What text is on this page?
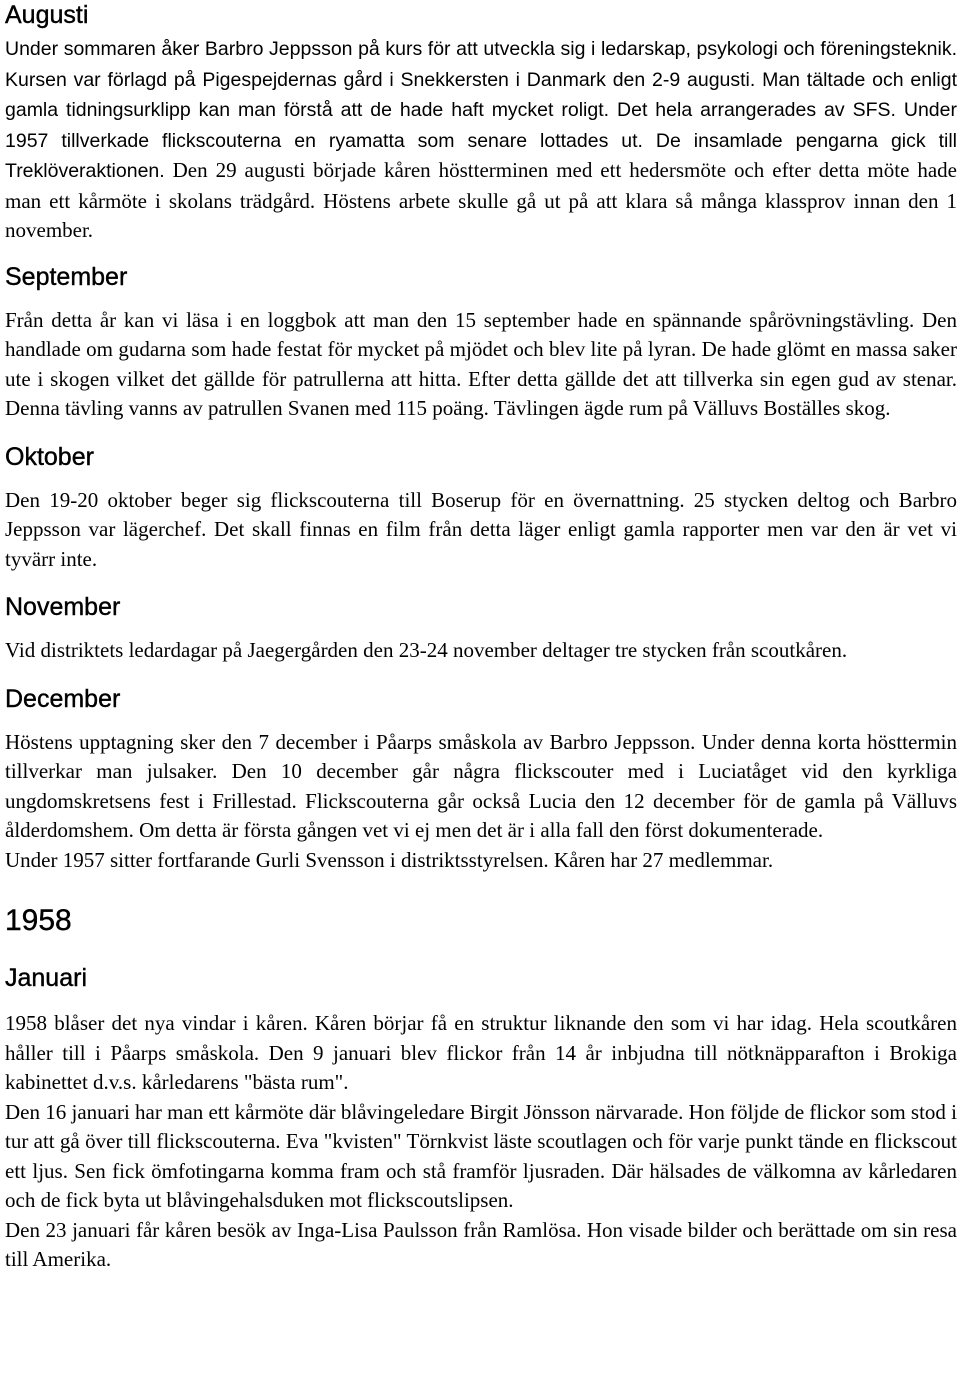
Augusti

Under sommaren åker Barbro Jeppsson på kurs för att utveckla sig i ledarskap, psykologi och föreningsteknik. Kursen var förlagd på Pigespejdernas gård i Snekkersten i Danmark den 2-9 augusti. Man tältade och enligt gamla tidningsurklipp kan man förstå att de hade haft mycket roligt. Det hela arrangerades av SFS. Under 1957 tillverkade flickscouterna en ryamatta som senare lottades ut. De insamlade pengarna gick till Treklöveraktionen. Den 29 augusti började kåren höstterminen med ett hedersmöte och efter detta möte hade man ett kårmöte i skolans trädgård. Höstens arbete skulle gå ut på att klara så många klassprov innan den 1 november.

September

Från detta år kan vi läsa i en loggbok att man den 15 september hade en spännande spårövningstävling. Den handlade om gudarna som hade festat för mycket på mjödet och blev lite på lyran. De hade glömt en massa saker ute i skogen vilket det gällde för patrullerna att hitta. Efter detta gällde det att tillverka sin egen gud av stenar. Denna tävling vanns av patrullen Svanen med 115 poäng. Tävlingen ägde rum på Välluvs Boställes skog.

Oktober

Den 19-20 oktober beger sig flickscouterna till Boserup för en övernattning. 25 stycken deltog och Barbro Jeppsson var lägerchef. Det skall finnas en film från detta läger enligt gamla rapporter men var den är vet vi tyvärr inte.

November

Vid distriktets ledardagar på Jaegergården den 23-24 november deltager tre stycken från scoutkåren.

December

Höstens upptagning sker den 7 december i Påarps småskola av Barbro Jeppsson. Under denna korta hösttermin tillverkar man julsaker. Den 10 december går några flickscouter med i Luciatåget vid den kyrkliga ungdomskretsens fest i Frillestad. Flickscouterna går också Lucia den 12 december för de gamla på Välluvs ålderdomshem. Om detta är första gången vet vi ej men det är i alla fall den först dokumenterade.

Under 1957 sitter fortfarande Gurli Svensson i distriktsstyrelsen. Kåren har 27 medlemmar.

1958
Januari

1958 blåser det nya vindar i kåren. Kåren börjar få en struktur liknande den som vi har idag. Hela scoutkåren håller till i Påarps småskola. Den 9 januari blev flickor från 14 år inbjudna till nötknäpparafton i Brokiga kabinettet d.v.s. kårledarens "bästa rum".

Den 16 januari har man ett kårmöte där blåvingeledare Birgit Jönsson närvarade. Hon följde de flickor som stod i tur att gå över till flickscouterna. Eva "kvisten" Törnkvist läste scoutlagen och för varje punkt tände en flickscout ett ljus. Sen fick ömfotingarna komma fram och stå framför ljusraden. Där hälsades de välkomna av kårledaren och de fick byta ut blåvingehalsduken mot flickscoutslipsen.

Den 23 januari får kåren besök av Inga-Lisa Paulsson från Ramlösa. Hon visade bilder och berättade om sin resa till Amerika.
